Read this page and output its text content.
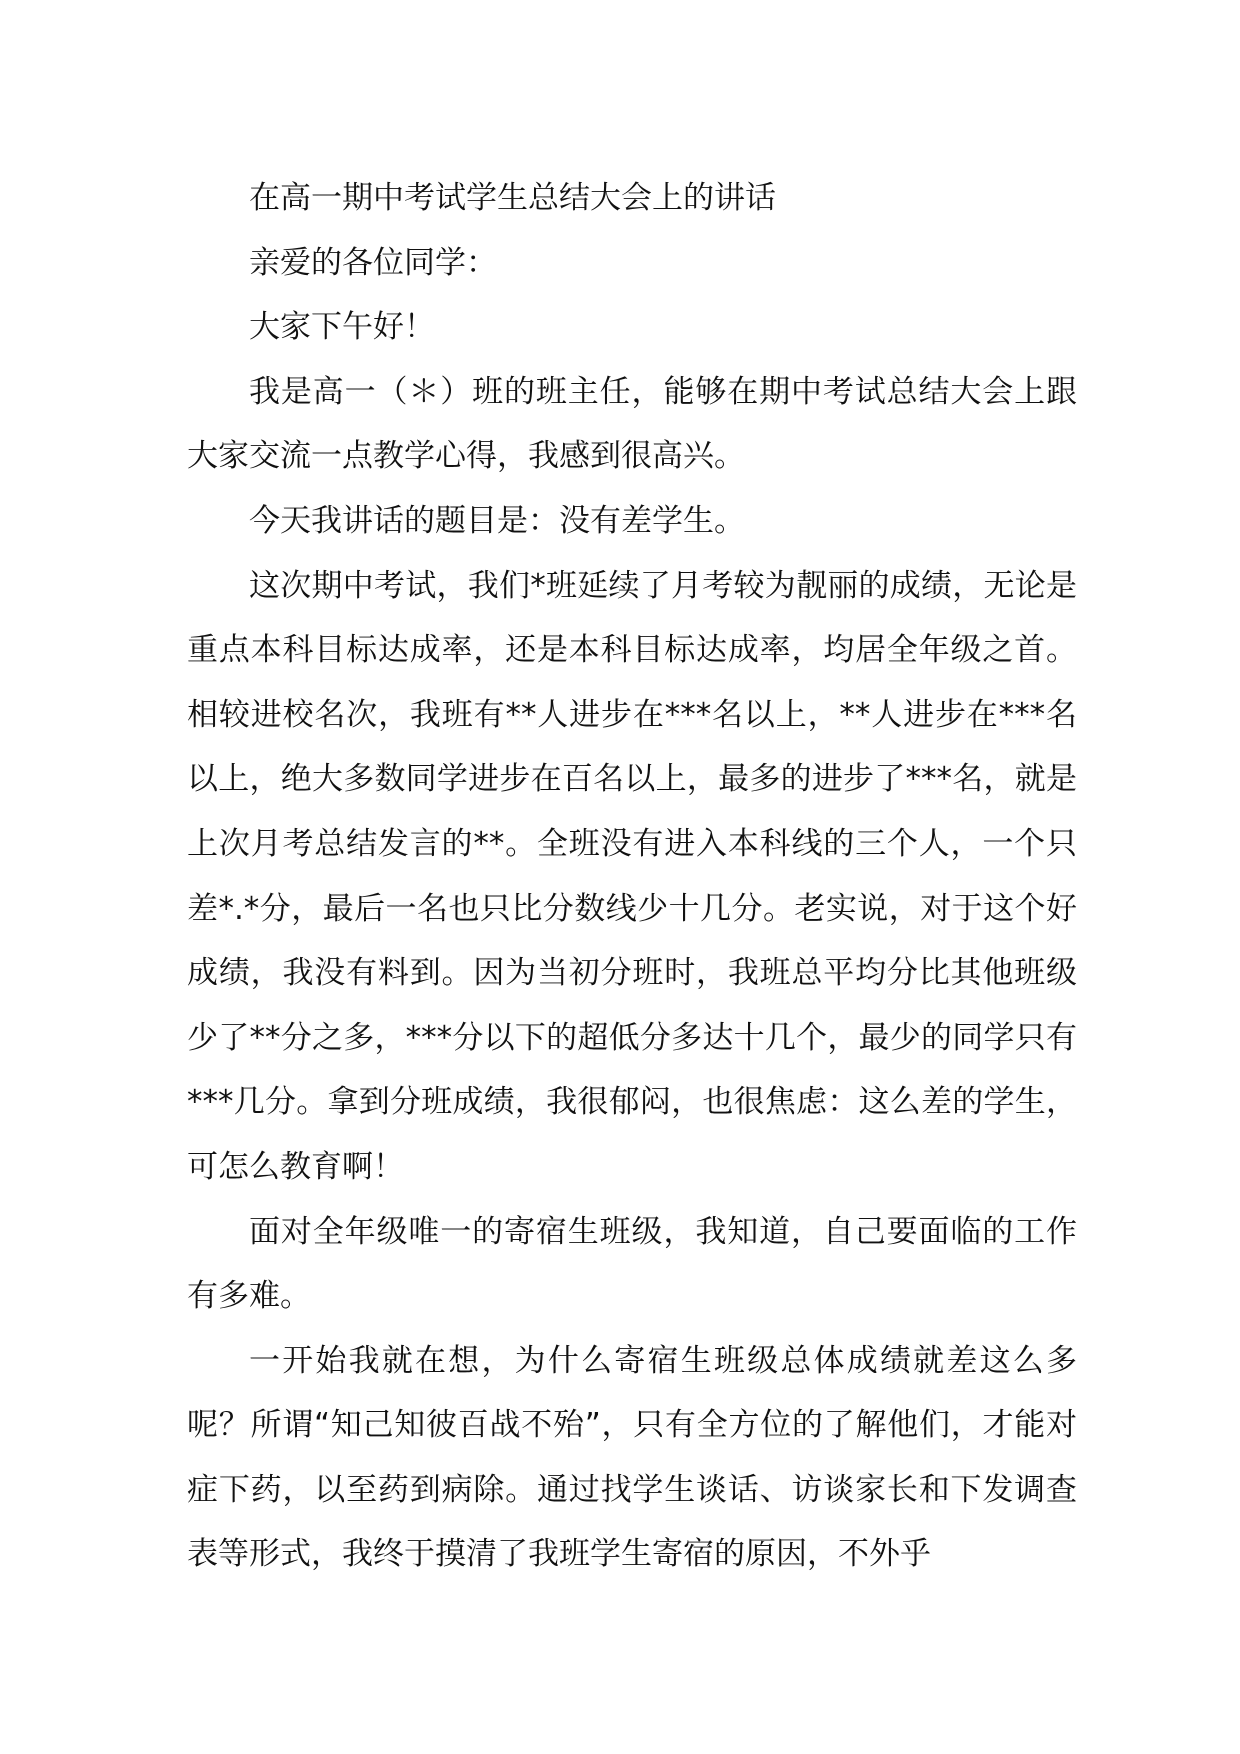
在高一期中考试学生总结大会上的讲话

亲爱的各位同学：

大家下午好！

我是高一（＊）班的班主任，能够在期中考试总结大会上跟大家交流一点教学心得，我感到很高兴。

今天我讲话的题目是：没有差学生。

这次期中考试，我们*班延续了月考较为靓丽的成绩，无论是重点本科目标达成率，还是本科目标达成率，均居全年级之首。相较进校名次，我班有**人进步在***名以上，**人进步在***名以上，绝大多数同学进步在百名以上，最多的进步了***名，就是上次月考总结发言的**。全班没有进入本科线的三个人，一个只差*.*分，最后一名也只比分数线少十几分。老实说，对于这个好成绩，我没有料到。因为当初分班时，我班总平均分比其他班级少了**分之多，***分以下的超低分多达十几个，最少的同学只有***几分。拿到分班成绩，我很郁闷，也很焦虑：这么差的学生，可怎么教育啊！

面对全年级唯一的寄宿生班级，我知道，自己要面临的工作有多难。

一开始我就在想，为什么寄宿生班级总体成绩就差这么多呢？所谓“知己知彼百战不殆”，只有全方位的了解他们，才能对症下药，以至药到病除。通过找学生谈话、访谈家长和下发调查表等形式，我终于摸清了我班学生寄宿的原因，不外乎
